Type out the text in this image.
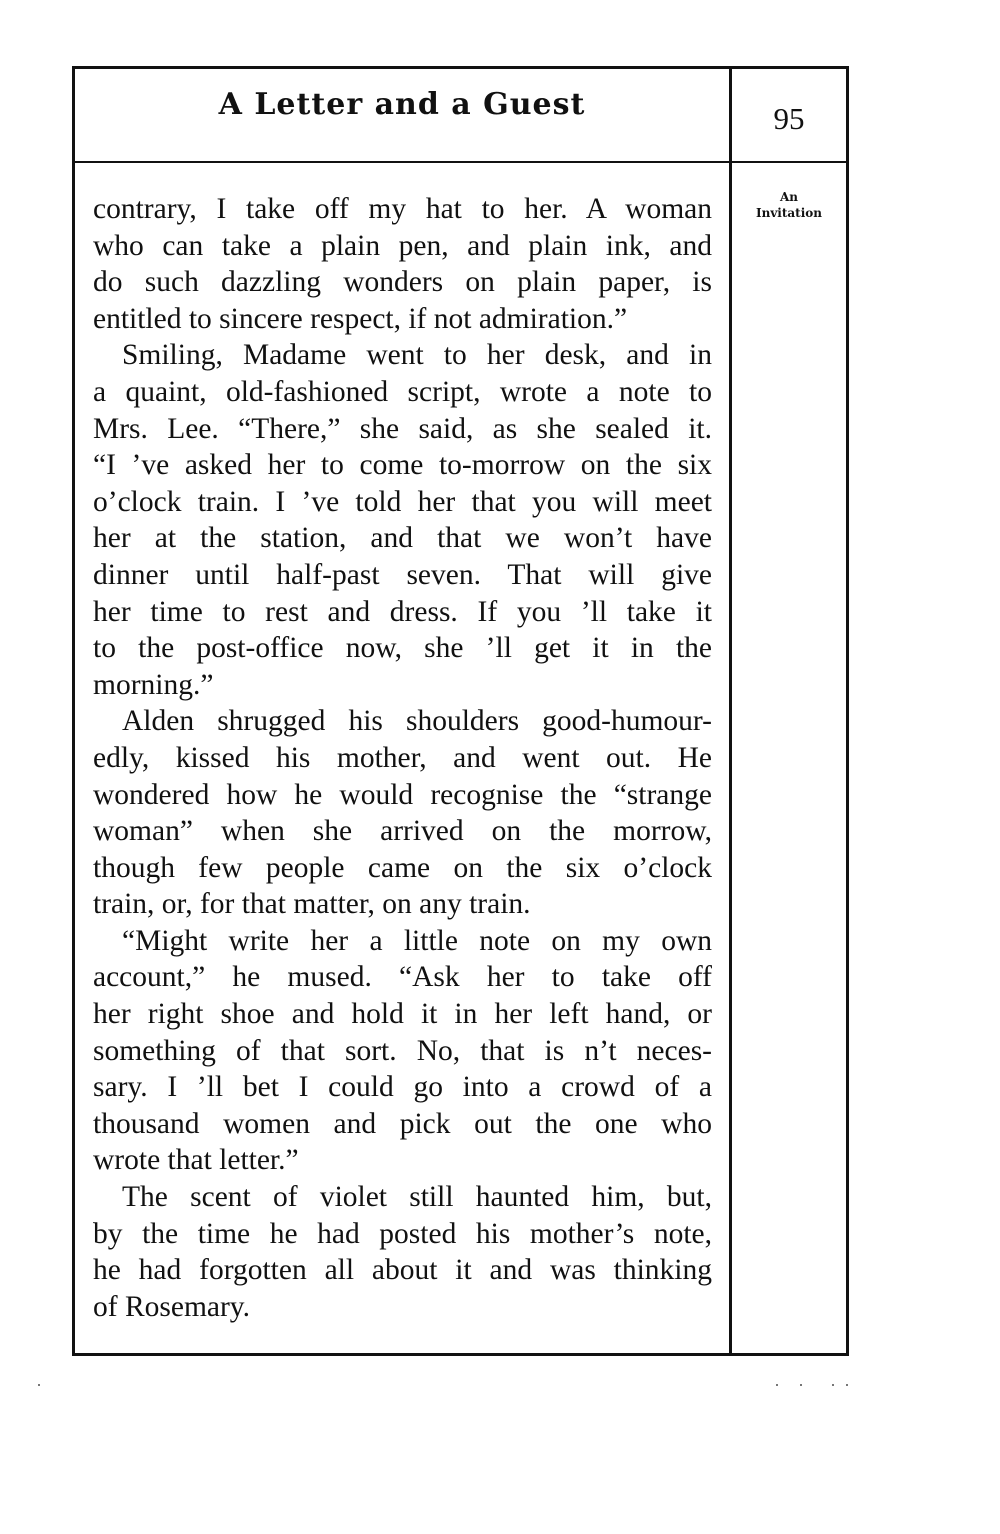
A Letter and a Guest	95
An
Invitation
contrary, I take off my hat to her. A woman
who can take a plain pen, and plain ink, and
do such dazzling wonders on plain paper, is
entitled to sincere respect, if not admiration.”
Smiling, Madame went to her desk, and in
a quaint, old-fashioned script, wrote a note to
Mrs. Lee. “There,” she said, as she sealed it.
“I ’ve asked her to come to-morrow on the six
o’clock train. I ’ve told her that you will meet
her at the station, and that we won’t have
dinner until half-past seven. That will give
her time to rest and dress. If you ’ll take it
to the post-office now, she ’ll get it in the
morning.”
Alden shrugged his shoulders good-humour-
edly, kissed his mother, and went out. He
wondered how he would recognise the “strange
woman” when she arrived on the morrow,
though few people came on the six o’clock
train, or, for that matter, on any train.
“Might write her a little note on my own
account,” he mused. “Ask her to take off
her right shoe and hold it in her left hand, or
something of that sort. No, that is n’t neces-
sary. I ’ll bet I could go into a crowd of a
thousand women and pick out the one who
wrote that letter.”
The scent of violet still haunted him, but,
by the time he had posted his mother’s note,
he had forgotten all about it and was thinking
of Rosemary.
